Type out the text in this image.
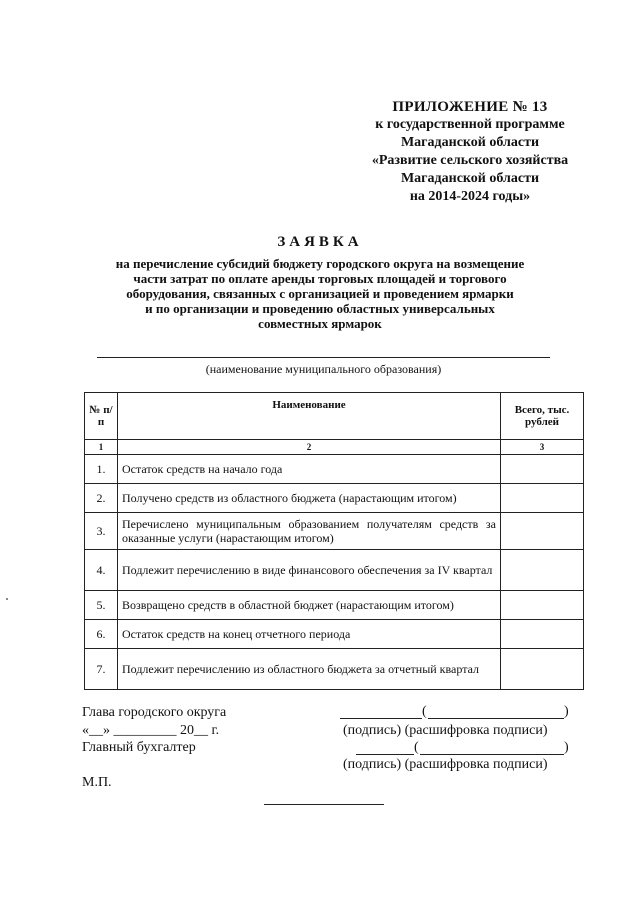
ПРИЛОЖЕНИЕ № 13
к государственной программе
Магаданской области
«Развитие сельского хозяйства
Магаданской области
на 2014-2024 годы»
ЗАЯВКА
на перечисление субсидий бюджету городского округа на возмещение
части затрат по оплате аренды торговых площадей и торгового
оборудования, связанных с организацией и проведением ярмарки
и по организации и проведению областных универсальных
совместных ярмарок
(наименование муниципального образования)
№ п/п	Наименование	Всего, тыс. рублей
1	2	3
1.	Остаток средств на начало года	
2.	Получено средств из областного бюджета (нарастающим итогом)	
3.	Перечислено муниципальным образованием получателям средств за оказанные услуги (нарастающим итогом)	
4.	Подлежит перечислению в виде финансового обеспечения за IV квартал	
5.	Возвращено средств в областной бюджет (нарастающим итогом)	
6.	Остаток средств на конец отчетного периода	
7.	Подлежит перечислению из областного бюджета за отчетный квартал	
Глава городского округа
«__» _________ 20__ г.
Главный бухгалтер
М.П.
(	)
(подпись) (расшифровка подписи)
(	)
(подпись) (расшифровка подписи)
